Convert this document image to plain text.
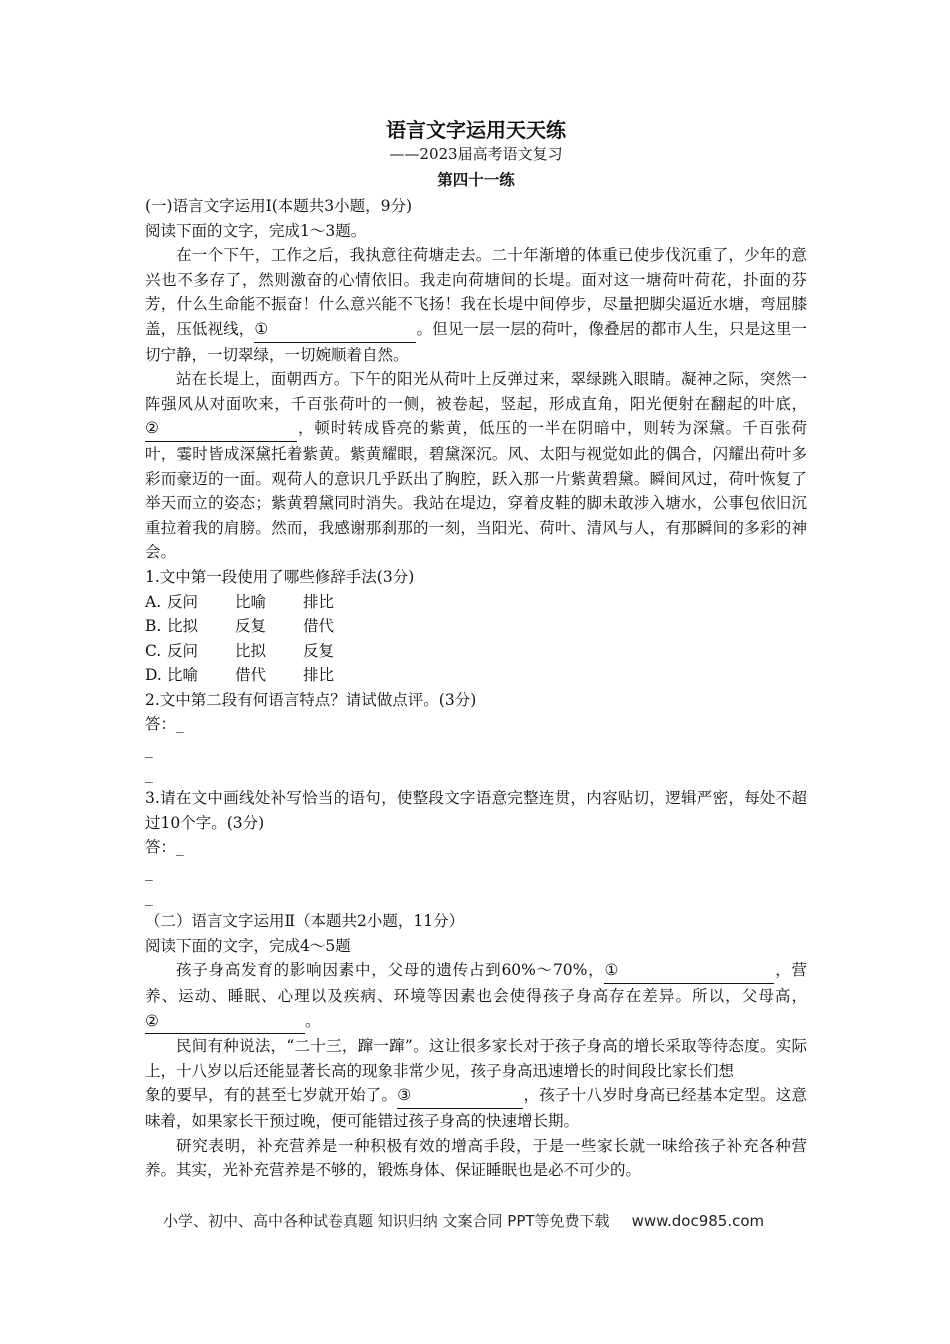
语言文字运用天天练
——2023届高考语文复习
第四十一练

(一)语言文字运用Ⅰ(本题共3小题，9分)

阅读下面的文字，完成1～3题。

在一个下午，工作之后，我执意往荷塘走去。二十年渐增的体重已使步伐沉重了，少年的意兴也不多存了，然则激奋的心情依旧。我走向荷塘间的长堤。面对这一塘荷叶荷花，扑面的芬芳，什么生命能不振奋！什么意兴能不飞扬！我在长堤中间停步，尽量把脚尖逼近水塘，弯屈膝盖，压低视线，①	。但见一层一层的荷叶，像叠居的都市人生，只是这里一切宁静，一切翠绿，一切婉顺着自然。

站在长堤上，面朝西方。下午的阳光从荷叶上反弹过来，翠绿跳入眼睛。凝神之际，突然一阵强风从对面吹来，千百张荷叶的一侧，被卷起，竖起，形成直角，阳光便射在翻起的叶底，②	，顿时转成昏亮的紫黄，低压的一半在阴暗中，则转为深黛。千百张荷叶，霎时皆成深黛托着紫黄。紫黄耀眼，碧黛深沉。风、太阳与视觉如此的偶合，闪耀出荷叶多彩而豪迈的一面。观荷人的意识几乎跃出了胸腔，跃入那一片紫黄碧黛。瞬间风过，荷叶恢复了举天而立的姿态；紫黄碧黛同时消失。我站在堤边，穿着皮鞋的脚未敢涉入塘水，公事包依旧沉重拉着我的肩膀。然而，我感谢那刹那的一刻，当阳光、荷叶、清风与人，有那瞬间的多彩的神会。

1.文中第一段使用了哪些修辞手法(3分)

A. 反问 比喻 排比

B. 比拟 反复 借代

C. 反问 比拟 反复

D. 比喻 借代 排比

2.文中第二段有何语言特点？请试做点评。(3分)

答：_

_

_

3.请在文中画线处补写恰当的语句，使整段文字语意完整连贯，内容贴切，逻辑严密，每处不超过10个字。(3分)

答：_

_

_

（二）语言文字运用Ⅱ（本题共2小题，11分）

阅读下面的文字，完成4～5题

孩子身高发育的影响因素中，父母的遗传占到60%～70%，①	，营养、运动、睡眠、心理以及疾病、环境等因素也会使得孩子身高存在差异。所以，父母高，②	。

民间有种说法，“二十三，蹿一蹿”。这让很多家长对于孩子身高的增长采取等待态度。实际上，十八岁以后还能显著长高的现象非常少见，孩子身高迅速增长的时间段比家长们想

象的要早，有的甚至七岁就开始了。③	，孩子十八岁时身高已经基本定型。这意味着，如果家长干预过晚，便可能错过孩子身高的快速增长期。

研究表明，补充营养是一种积极有效的增高手段，于是一些家长就一味给孩子补充各种营养。其实，光补充营养是不够的，锻炼身体、保证睡眠也是必不可少的。

小学、初中、高中各种试卷真题 知识归纳 文案合同 PPT等免费下载 www.doc985.com
